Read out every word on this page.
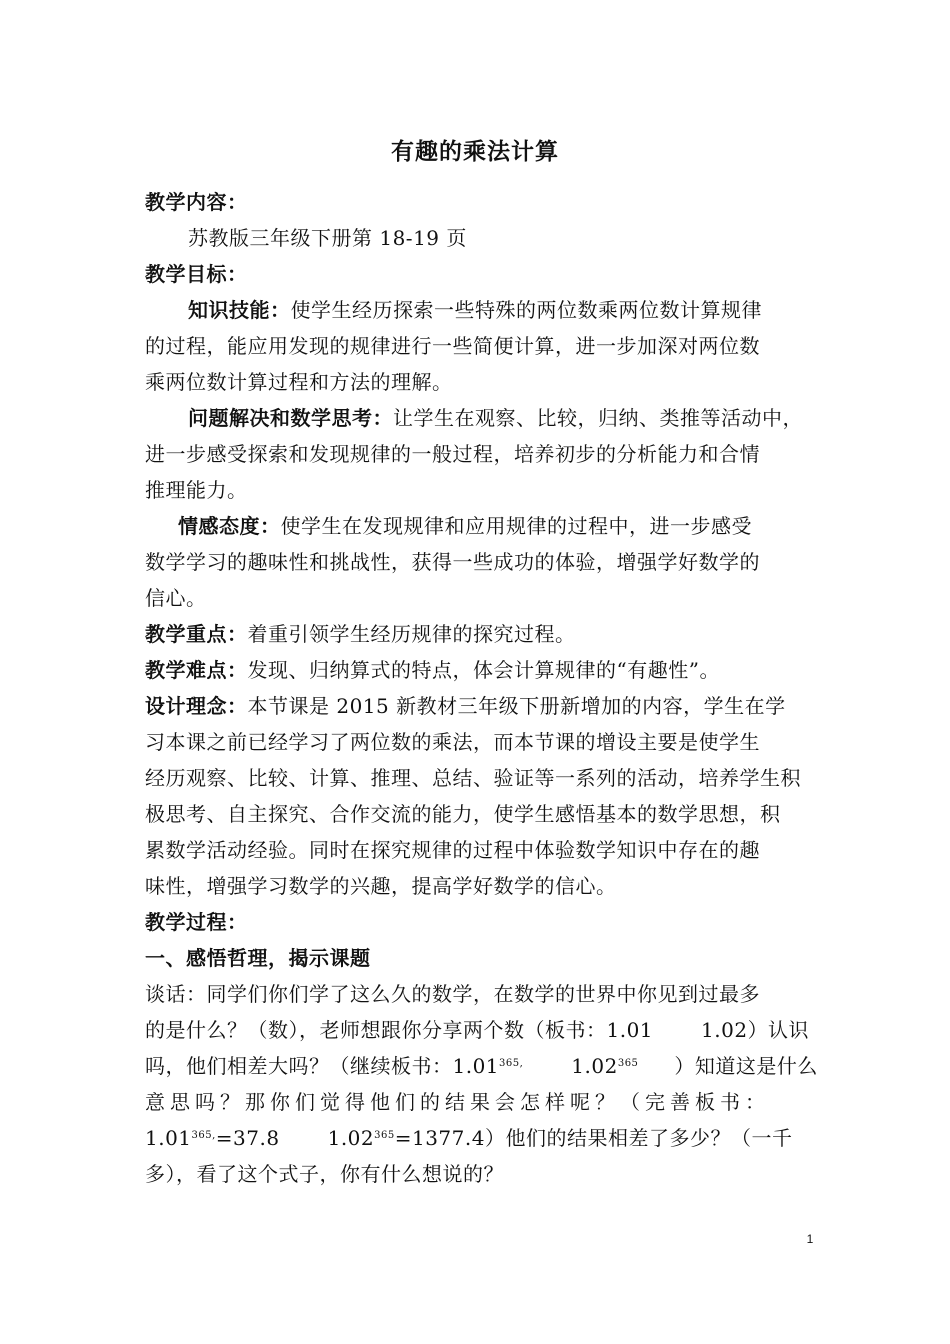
有趣的乘法计算
教学内容：
苏教版三年级下册第 18-19 页
教学目标：
知识技能：使学生经历探索一些特殊的两位数乘两位数计算规律
的过程，能应用发现的规律进行一些简便计算，进一步加深对两位数
乘两位数计算过程和方法的理解。
问题解决和数学思考：让学生在观察、比较，归纳、类推等活动中，
进一步感受探索和发现规律的一般过程，培养初步的分析能力和合情
推理能力。
情感态度：使学生在发现规律和应用规律的过程中，进一步感受
数学学习的趣味性和挑战性，获得一些成功的体验，增强学好数学的
信心。
教学重点：着重引领学生经历规律的探究过程。
教学难点：发现、归纳算式的特点，体会计算规律的“有趣性”。
设计理念：本节课是 2015 新教材三年级下册新增加的内容，学生在学
习本课之前已经学习了两位数的乘法，而本节课的增设主要是使学生
经历观察、比较、计算、推理、总结、验证等一系列的活动，培养学生积
极思考、自主探究、合作交流的能力，使学生感悟基本的数学思想，积
累数学活动经验。同时在探究规律的过程中体验数学知识中存在的趣
味性，增强学习数学的兴趣，提高学好数学的信心。
教学过程：
一、感悟哲理，揭示课题
谈话：同学们你们学了这么久的数学，在数学的世界中你见到过最多
的是什么？（数），老师想跟你分享两个数（板书：1.01 1.02）认识
吗，他们相差大吗？（继续板书：$1.01^{365,}$ 1.02$^{365}$ ）知道这是什么
意思吗？那你们觉得他们的结果会怎样呢？（完善板书：
$1.01^{365,}=37.8$ $1.02^{365}=1377.4$）他们的结果相差了多少？（一千
多），看了这个式子，你有什么想说的？
1
